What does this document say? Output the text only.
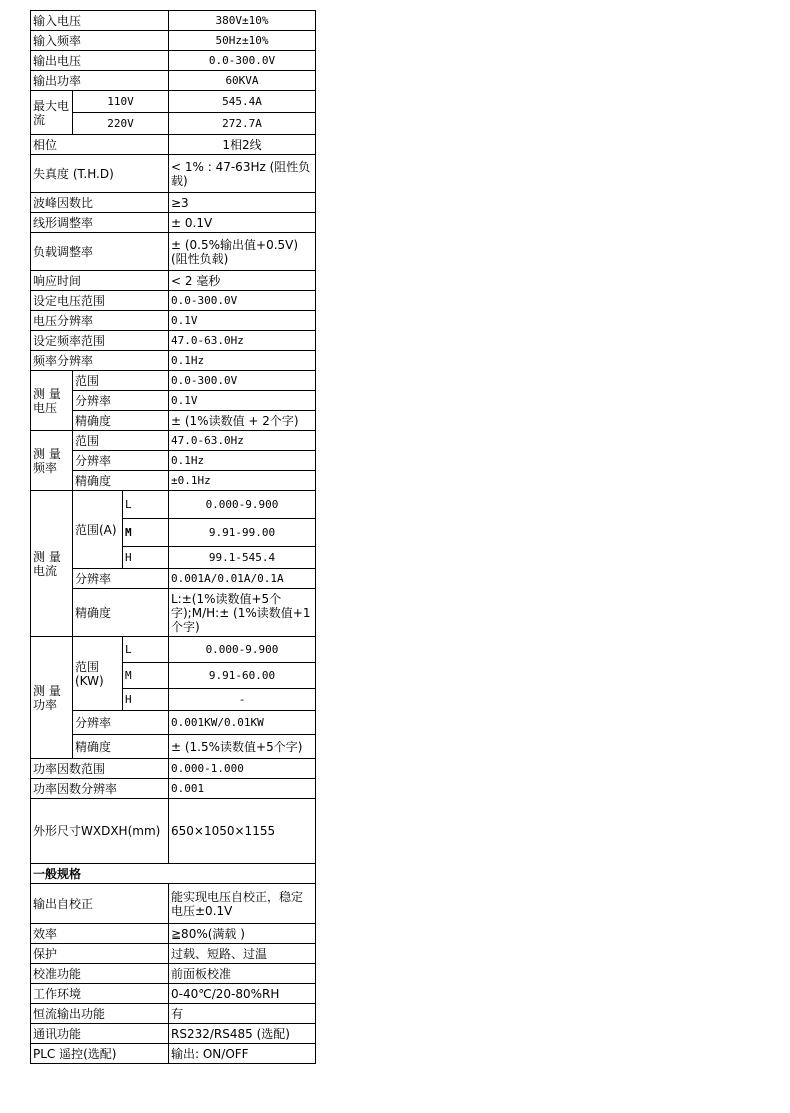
输入电压			380V±10%
输入频率			50Hz±10%
输出电压			0.0-300.0V
输出功率			60KVA
最大电流	110V		545.4A
	220V		272.7A
相位			1相2线
失真度 (T.H.D)			< 1% : 47-63Hz (阻性负载)
波峰因数比			≥3
线形调整率			± 0.1V
负载调整率			± (0.5%输出值+0.5V) (阻性负载)
响应时间			< 2 毫秒
设定电压范围			0.0-300.0V
电压分辨率			0.1V
设定频率范围			47.0-63.0Hz
频率分辨率			0.1Hz
测 量电压	范围		0.0-300.0V
	分辨率		0.1V
	精确度		± (1%读数值 + 2个字)
测 量频率	范围		47.0-63.0Hz
	分辨率		0.1Hz
	精确度		±0.1Hz
测 量电流	范围(A)	L	0.000-9.900
		M	9.91-99.00
		H	99.1-545.4
	分辨率		0.001A/0.01A/0.1A
	精确度		L:±(1%读数值+5个字);M/H:± (1%读数值+1个字)
测 量功率	范围 (KW)	L	0.000-9.900
		M	9.91-60.00
		H	-
	分辨率		0.001KW/0.01KW
	精确度		± (1.5%读数值+5个字)
功率因数范围			0.000-1.000
功率因数分辨率			0.001
外形尺寸WXDXH(mm)			650×1050×1155
一般规格			
输出自校正			能实现电压自校正，稳定电压±0.1V
效率			≧80%(满载 )
保护			过载、短路、过温
校准功能			前面板校准
工作环境			0-40℃/20-80%RH
恒流输出功能			有
通讯功能			RS232/RS485 (选配)
PLC 遥控(选配)			输出: ON/OFF
